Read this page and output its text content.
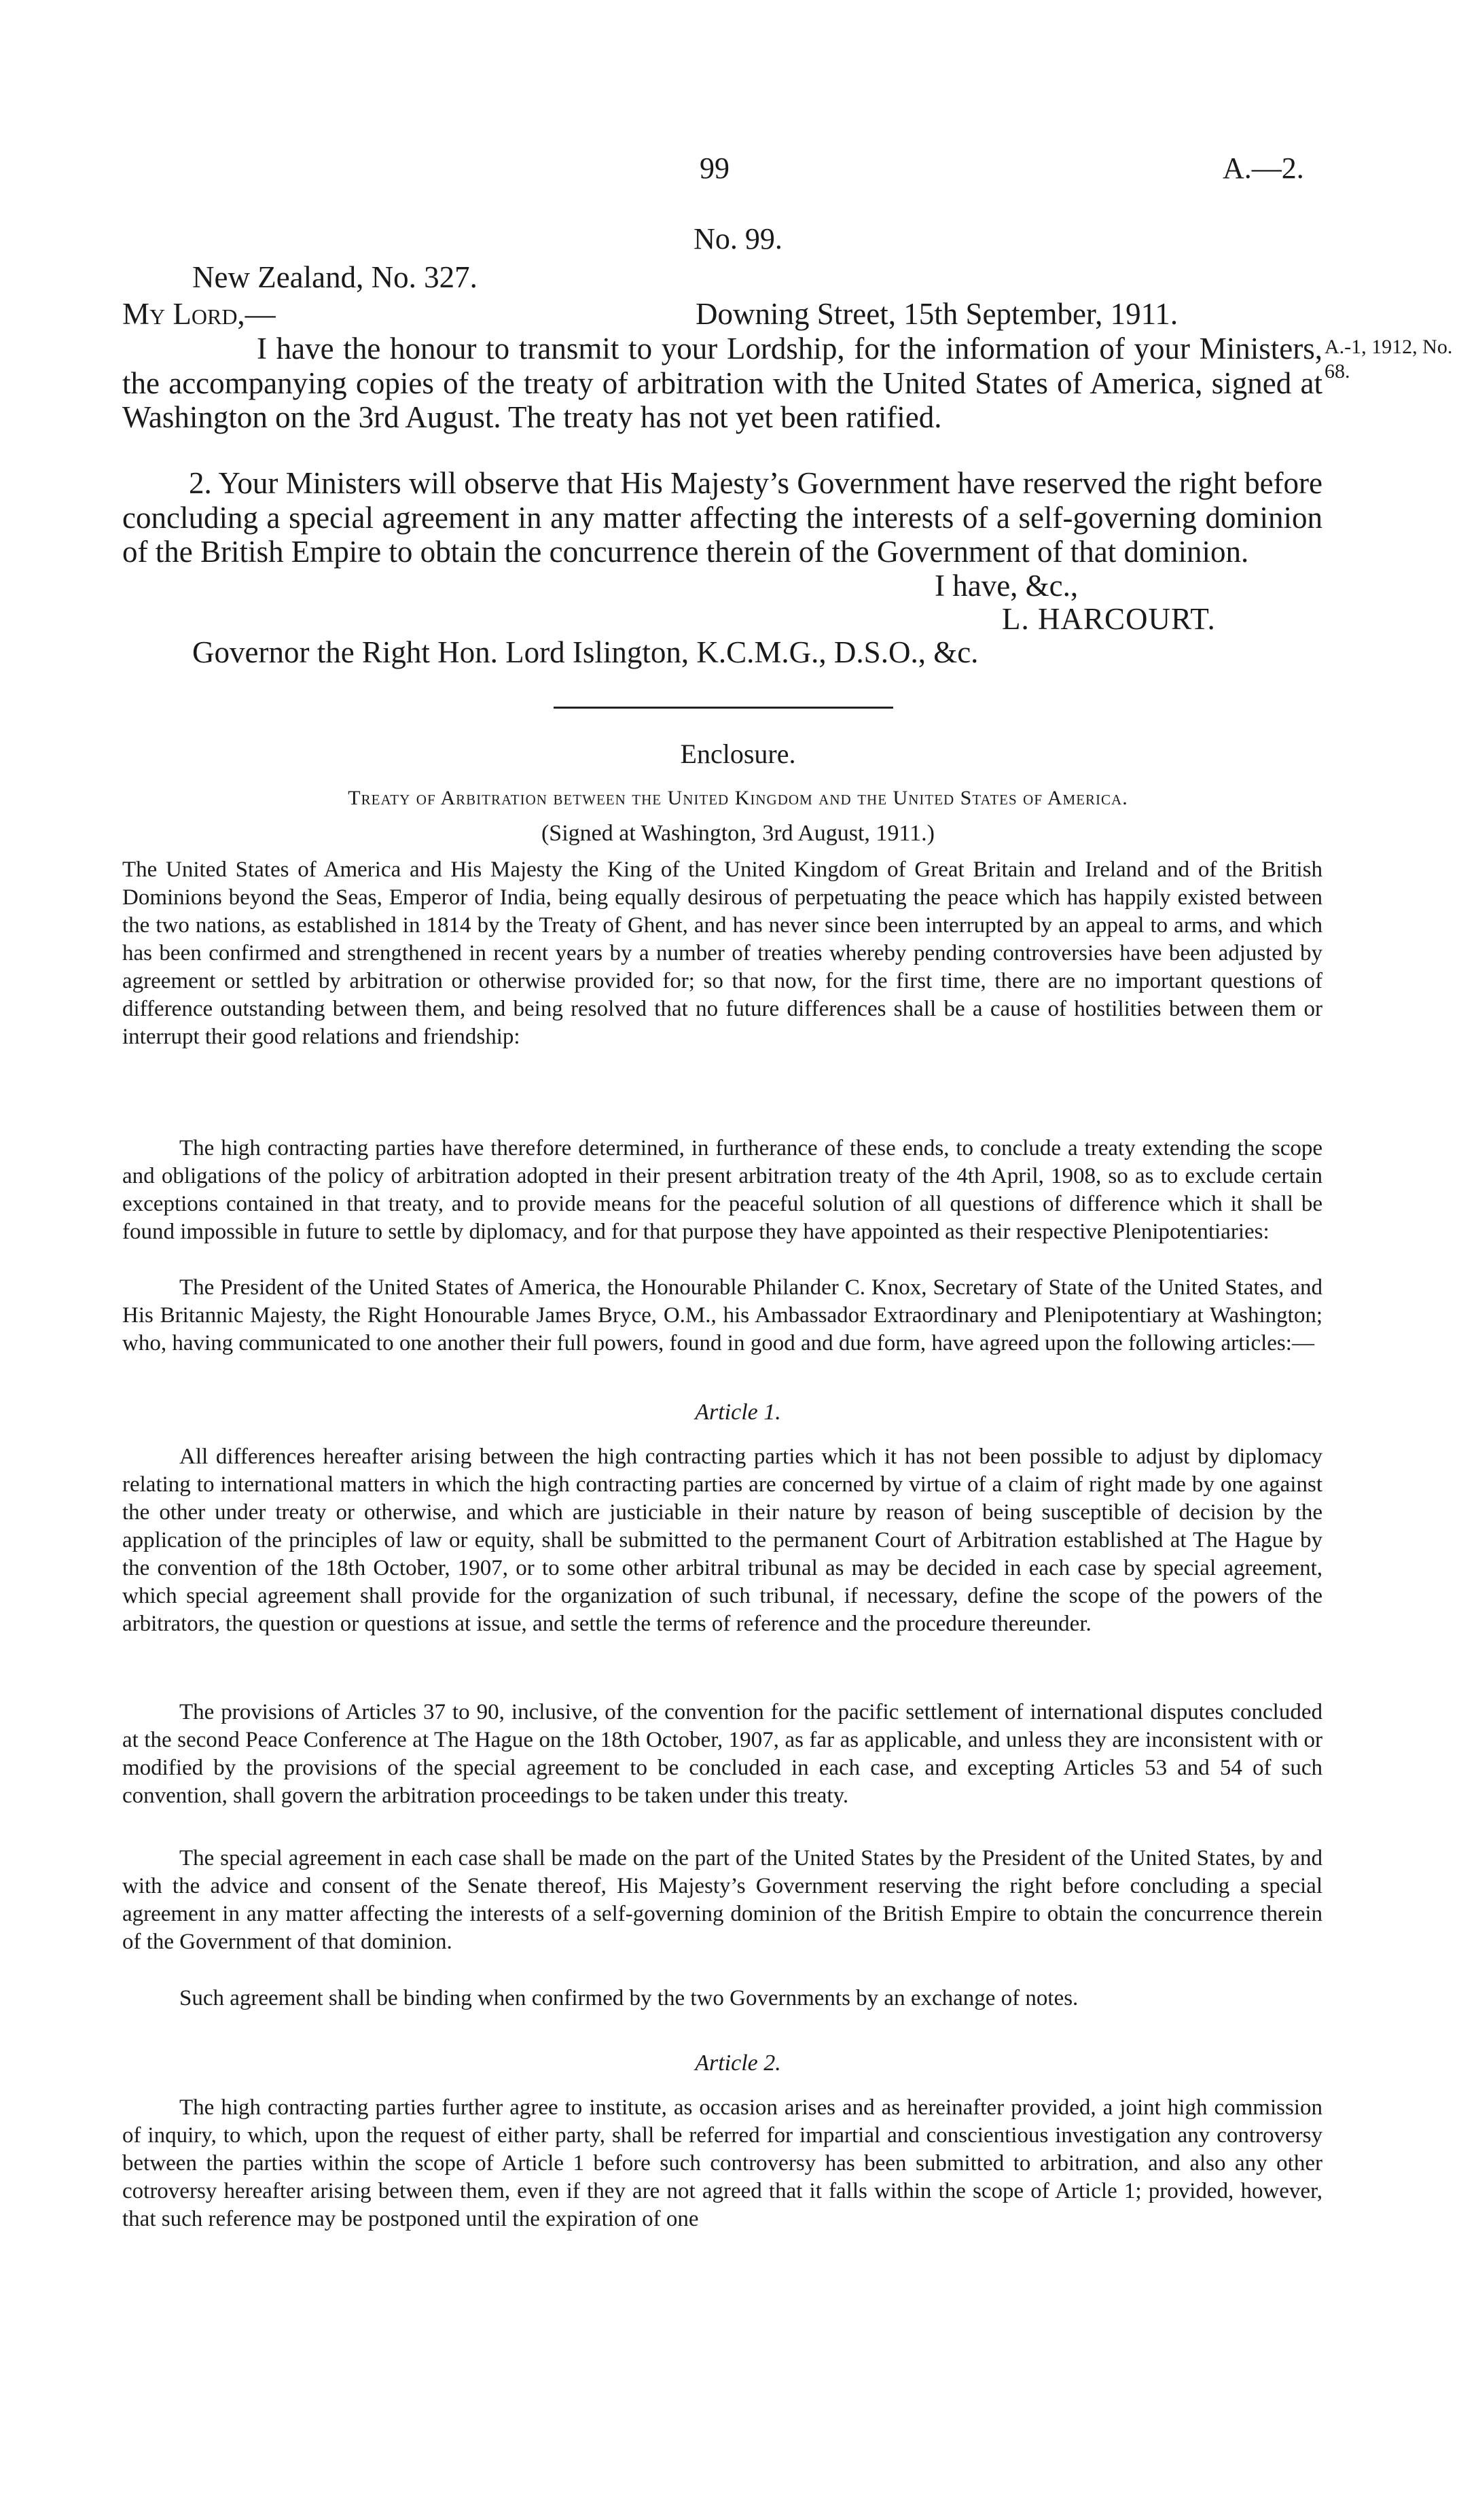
99	A.—2.
No. 99.
New Zealand, No. 327.
My Lord,—	Downing Street, 15th September, 1911.
I have the honour to transmit to your Lordship, for the information of your Ministers, the accompanying copies of the treaty of arbitration with the United States of America, signed at Washington on the 3rd August. The treaty has not yet been ratified.
2. Your Ministers will observe that His Majesty’s Government have reserved the right before concluding a special agreement in any matter affecting the interests of a self-governing dominion of the British Empire to obtain the concurrence therein of the Government of that dominion.
I have, &c.,
L. HARCOURT.
Governor the Right Hon. Lord Islington, K.C.M.G., D.S.O., &c.
A.-1, 1912, No. 68.
Enclosure.
Treaty of Arbitration between the United Kingdom and the United States of America.
(Signed at Washington, 3rd August, 1911.)
The United States of America and His Majesty the King of the United Kingdom of Great Britain and Ireland and of the British Dominions beyond the Seas, Emperor of India, being equally desirous of perpetuating the peace which has happily existed between the two nations, as established in 1814 by the Treaty of Ghent, and has never since been interrupted by an appeal to arms, and which has been confirmed and strengthened in recent years by a number of treaties whereby pending controversies have been adjusted by agreement or settled by arbitration or otherwise provided for; so that now, for the first time, there are no important questions of difference outstanding between them, and being resolved that no future differences shall be a cause of hostilities between them or interrupt their good relations and friendship:
The high contracting parties have therefore determined, in furtherance of these ends, to conclude a treaty extending the scope and obligations of the policy of arbitration adopted in their present arbitration treaty of the 4th April, 1908, so as to exclude certain exceptions contained in that treaty, and to provide means for the peaceful solution of all questions of difference which it shall be found impossible in future to settle by diplomacy, and for that purpose they have appointed as their respective Plenipotentiaries:
The President of the United States of America, the Honourable Philander C. Knox, Secretary of State of the United States, and His Britannic Majesty, the Right Honourable James Bryce, O.M., his Ambassador Extraordinary and Plenipotentiary at Washington; who, having communicated to one another their full powers, found in good and due form, have agreed upon the following articles:—
Article 1.
All differences hereafter arising between the high contracting parties which it has not been possible to adjust by diplomacy relating to international matters in which the high contracting parties are concerned by virtue of a claim of right made by one against the other under treaty or otherwise, and which are justiciable in their nature by reason of being susceptible of decision by the application of the principles of law or equity, shall be submitted to the permanent Court of Arbitration established at The Hague by the convention of the 18th October, 1907, or to some other arbitral tribunal as may be decided in each case by special agreement, which special agreement shall provide for the organization of such tribunal, if necessary, define the scope of the powers of the arbitrators, the question or questions at issue, and settle the terms of reference and the procedure thereunder.
The provisions of Articles 37 to 90, inclusive, of the convention for the pacific settlement of international disputes concluded at the second Peace Conference at The Hague on the 18th October, 1907, as far as applicable, and unless they are inconsistent with or modified by the provisions of the special agreement to be concluded in each case, and excepting Articles 53 and 54 of such convention, shall govern the arbitration proceedings to be taken under this treaty.
The special agreement in each case shall be made on the part of the United States by the President of the United States, by and with the advice and consent of the Senate thereof, His Majesty’s Government reserving the right before concluding a special agreement in any matter affecting the interests of a self-governing dominion of the British Empire to obtain the concurrence therein of the Government of that dominion.
Such agreement shall be binding when confirmed by the two Governments by an exchange of notes.
Article 2.
The high contracting parties further agree to institute, as occasion arises and as hereinafter provided, a joint high commission of inquiry, to which, upon the request of either party, shall be referred for impartial and conscientious investigation any controversy between the parties within the scope of Article 1 before such controversy has been submitted to arbitration, and also any other cotroversy hereafter arising between them, even if they are not agreed that it falls within the scope of Article 1; provided, however, that such reference may be postponed until the expiration of one
